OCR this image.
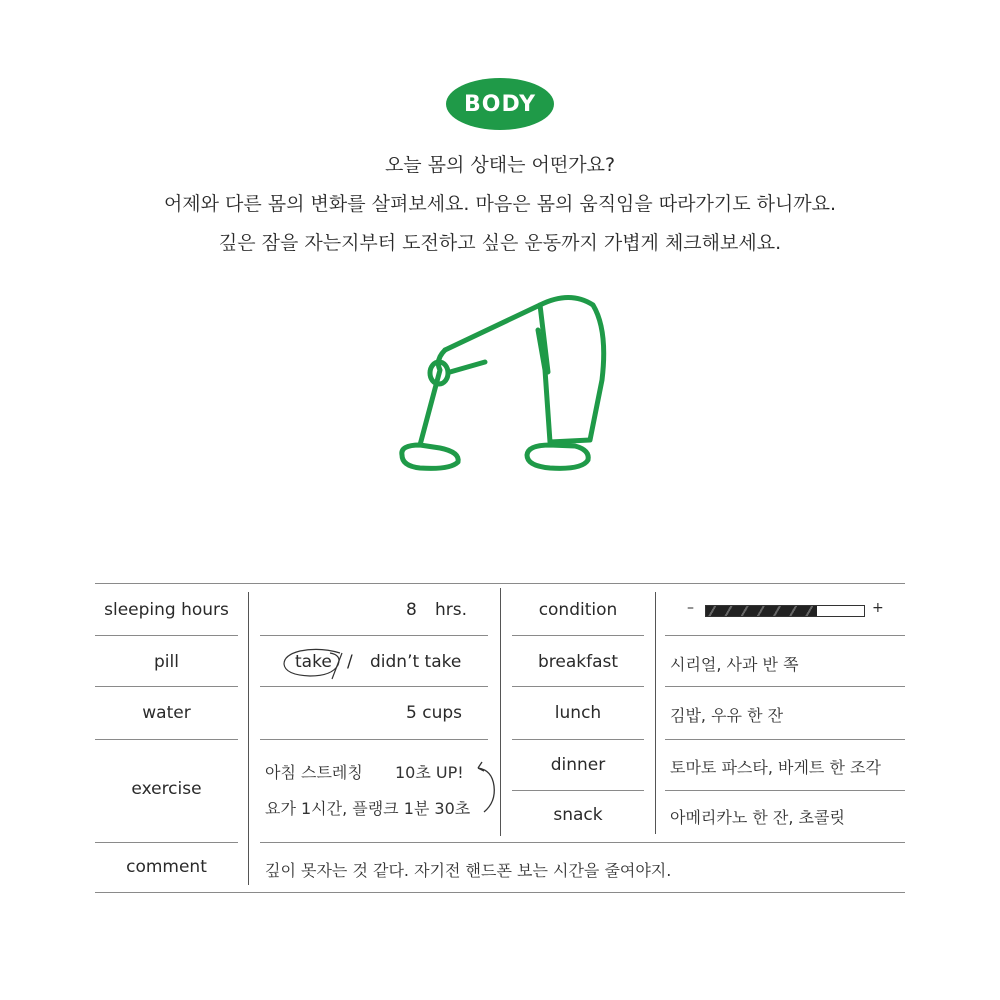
BODY
오늘 몸의 상태는 어떤가요?
어제와 다른 몸의 변화를 살펴보세요. 마음은 몸의 움직임을 따라가기도 하니까요.
깊은 잠을 자는지부터 도전하고 싶은 운동까지 가볍게 체크해보세요.
sleeping hours
pill
water
exercise
comment
8 hrs.
take / didn’t take
5 cups
아침 스트레칭 10초 UP!
요가 1시간, 플랭크 1분 30초
깊이 못자는 것 같다. 자기전 핸드폰 보는 시간을 줄여야지.
condition
breakfast
lunch
dinner
snack
–	+
시리얼, 사과 반 쪽
김밥, 우유 한 잔
토마토 파스타, 바게트 한 조각
아메리카노 한 잔, 초콜릿
